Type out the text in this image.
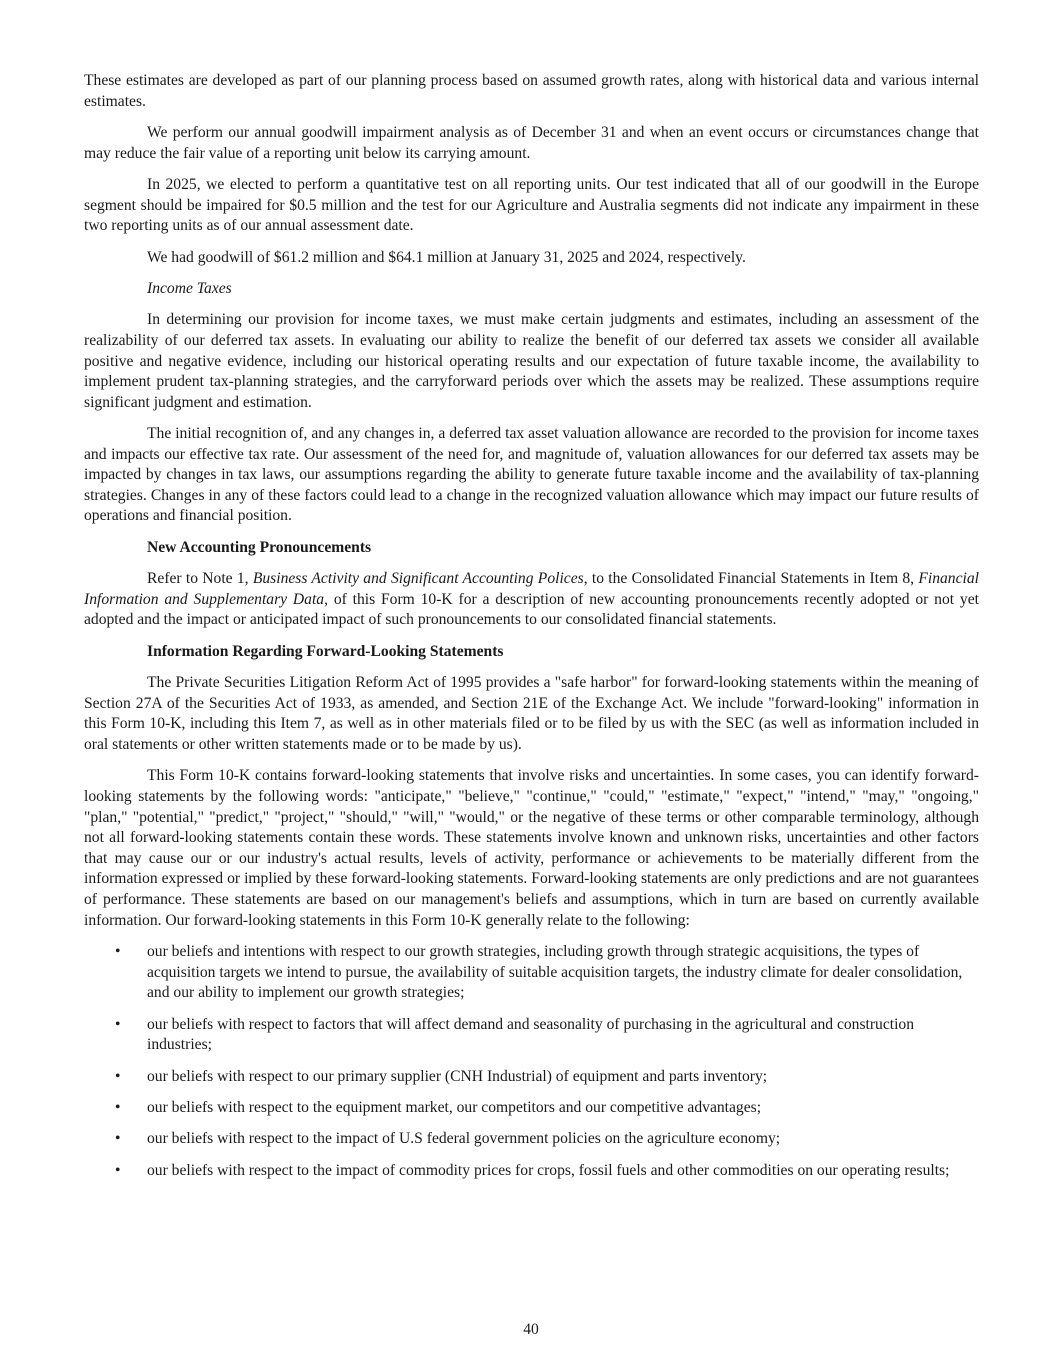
These estimates are developed as part of our planning process based on assumed growth rates, along with historical data and various internal estimates.

We perform our annual goodwill impairment analysis as of December 31 and when an event occurs or circumstances change that may reduce the fair value of a reporting unit below its carrying amount.

In 2025, we elected to perform a quantitative test on all reporting units. Our test indicated that all of our goodwill in the Europe segment should be impaired for $0.5 million and the test for our Agriculture and Australia segments did not indicate any impairment in these two reporting units as of our annual assessment date.

We had goodwill of $61.2 million and $64.1 million at January 31, 2025 and 2024, respectively.

Income Taxes

In determining our provision for income taxes, we must make certain judgments and estimates, including an assessment of the realizability of our deferred tax assets. In evaluating our ability to realize the benefit of our deferred tax assets we consider all available positive and negative evidence, including our historical operating results and our expectation of future taxable income, the availability to implement prudent tax-planning strategies, and the carryforward periods over which the assets may be realized. These assumptions require significant judgment and estimation.

The initial recognition of, and any changes in, a deferred tax asset valuation allowance are recorded to the provision for income taxes and impacts our effective tax rate. Our assessment of the need for, and magnitude of, valuation allowances for our deferred tax assets may be impacted by changes in tax laws, our assumptions regarding the ability to generate future taxable income and the availability of tax-planning strategies. Changes in any of these factors could lead to a change in the recognized valuation allowance which may impact our future results of operations and financial position.

New Accounting Pronouncements

Refer to Note 1, Business Activity and Significant Accounting Polices, to the Consolidated Financial Statements in Item 8, Financial Information and Supplementary Data, of this Form 10-K for a description of new accounting pronouncements recently adopted or not yet adopted and the impact or anticipated impact of such pronouncements to our consolidated financial statements.

Information Regarding Forward-Looking Statements

The Private Securities Litigation Reform Act of 1995 provides a "safe harbor" for forward-looking statements within the meaning of Section 27A of the Securities Act of 1933, as amended, and Section 21E of the Exchange Act. We include "forward-looking" information in this Form 10-K, including this Item 7, as well as in other materials filed or to be filed by us with the SEC (as well as information included in oral statements or other written statements made or to be made by us).

This Form 10-K contains forward-looking statements that involve risks and uncertainties. In some cases, you can identify forward-looking statements by the following words: "anticipate," "believe," "continue," "could," "estimate," "expect," "intend," "may," "ongoing," "plan," "potential," "predict," "project," "should," "will," "would," or the negative of these terms or other comparable terminology, although not all forward-looking statements contain these words. These statements involve known and unknown risks, uncertainties and other factors that may cause our or our industry's actual results, levels of activity, performance or achievements to be materially different from the information expressed or implied by these forward-looking statements. Forward-looking statements are only predictions and are not guarantees of performance. These statements are based on our management's beliefs and assumptions, which in turn are based on currently available information. Our forward-looking statements in this Form 10-K generally relate to the following:

• our beliefs and intentions with respect to our growth strategies, including growth through strategic acquisitions, the types of acquisition targets we intend to pursue, the availability of suitable acquisition targets, the industry climate for dealer consolidation, and our ability to implement our growth strategies;
• our beliefs with respect to factors that will affect demand and seasonality of purchasing in the agricultural and construction industries;
• our beliefs with respect to our primary supplier (CNH Industrial) of equipment and parts inventory;
• our beliefs with respect to the equipment market, our competitors and our competitive advantages;
• our beliefs with respect to the impact of U.S federal government policies on the agriculture economy;
• our beliefs with respect to the impact of commodity prices for crops, fossil fuels and other commodities on our operating results;
40
